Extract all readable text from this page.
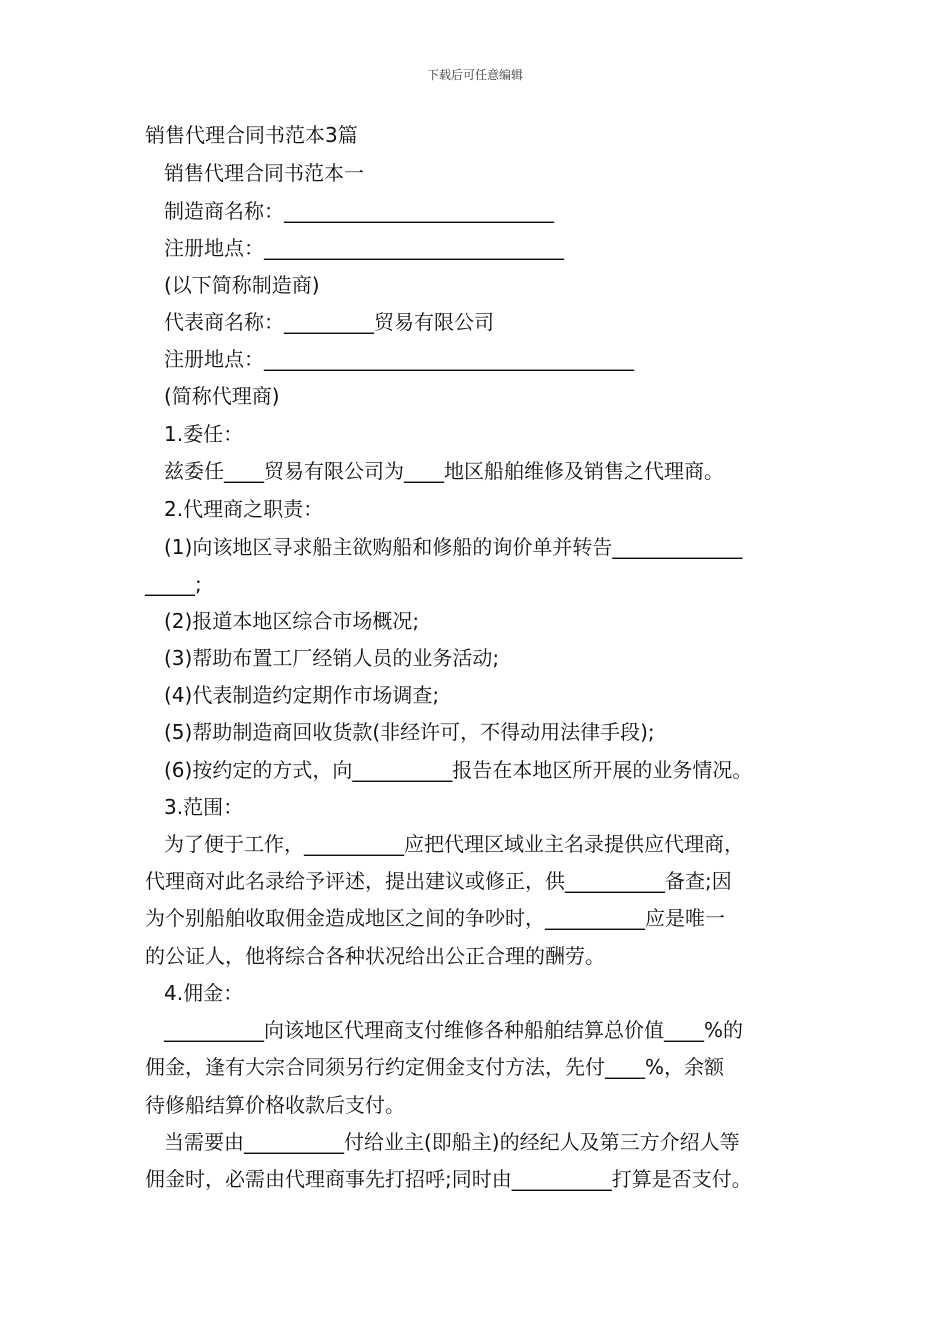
下载后可任意编辑
销售代理合同书范本3篇
销售代理合同书范本一
制造商名称：___________________________
注册地点：______________________________
(以下简称制造商)
代表商名称：_________贸易有限公司
注册地点：_____________________________________
(简称代理商)
1.委任：
兹委任____贸易有限公司为____地区船舶维修及销售之代理商。
2.代理商之职责：
(1)向该地区寻求船主欲购船和修船的询价单并转告_____________
_____;
(2)报道本地区综合市场概况;
(3)帮助布置工厂经销人员的业务活动;
(4)代表制造约定期作市场调查;
(5)帮助制造商回收货款(非经许可，不得动用法律手段);
(6)按约定的方式，向__________报告在本地区所开展的业务情况。
3.范围：
为了便于工作，__________应把代理区域业主名录提供应代理商，
代理商对此名录给予评述，提出建议或修正，供__________备查;因
为个别船舶收取佣金造成地区之间的争吵时，__________应是唯一
的公证人，他将综合各种状况给出公正合理的酬劳。
4.佣金：
__________向该地区代理商支付维修各种船舶结算总价值____%的
佣金，逢有大宗合同须另行约定佣金支付方法，先付____%，余额
待修船结算价格收款后支付。
当需要由__________付给业主(即船主)的经纪人及第三方介绍人等
佣金时，必需由代理商事先打招呼;同时由__________打算是否支付。
